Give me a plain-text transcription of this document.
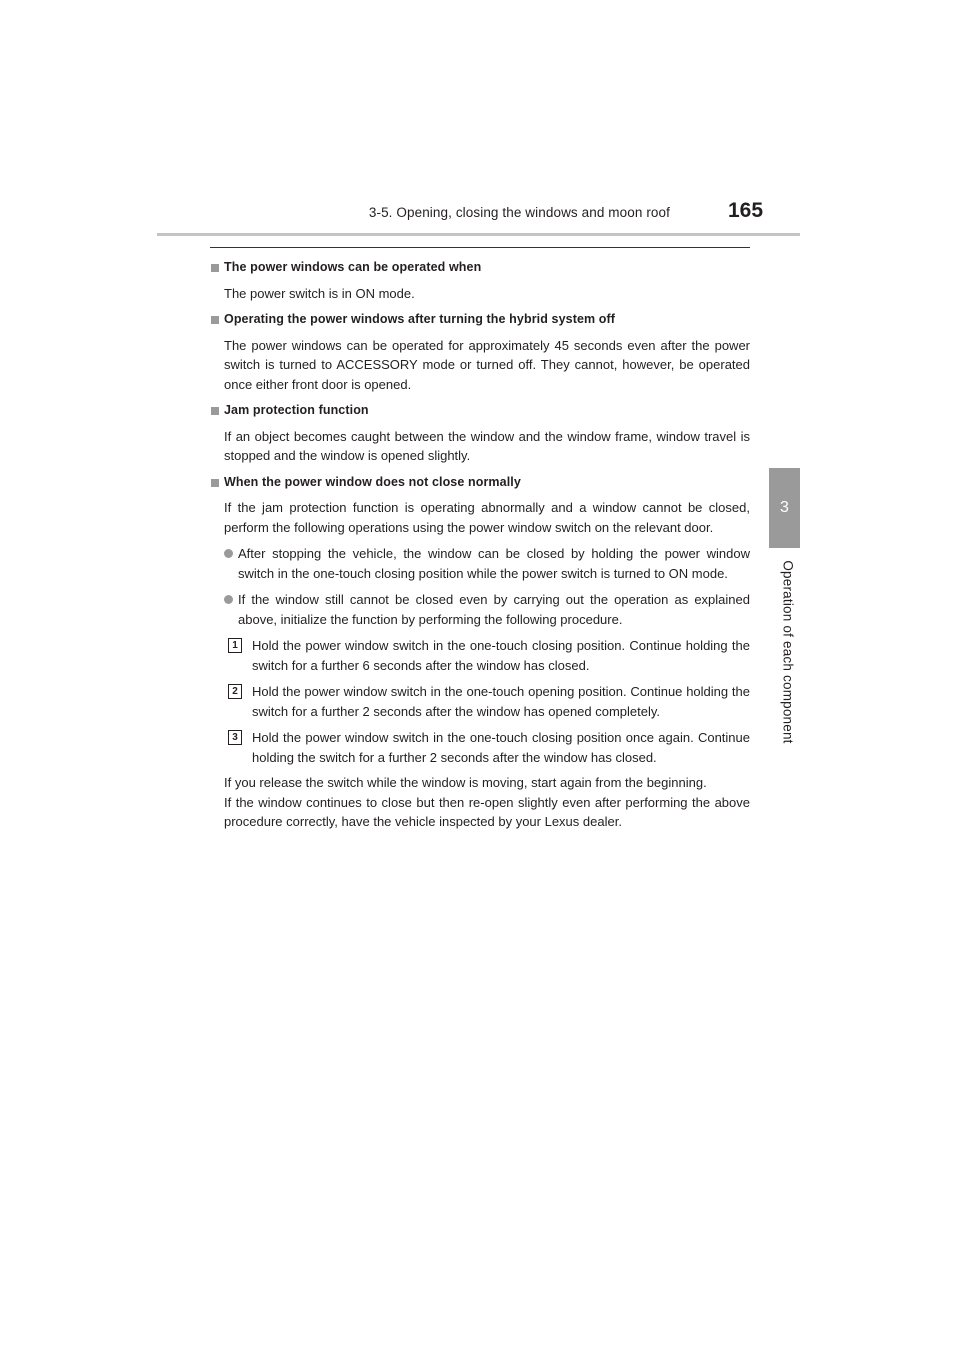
3-5. Opening, closing the windows and moon roof	165
3
Operation of each component
The power windows can be operated when
The power switch is in ON mode.
Operating the power windows after turning the hybrid system off
The power windows can be operated for approximately 45 seconds even after the power switch is turned to ACCESSORY mode or turned off. They cannot, however, be operated once either front door is opened.
Jam protection function
If an object becomes caught between the window and the window frame, window travel is stopped and the window is opened slightly.
When the power window does not close normally
If the jam protection function is operating abnormally and a window cannot be closed, perform the following operations using the power window switch on the relevant door.
After stopping the vehicle, the window can be closed by holding the power window switch in the one-touch closing position while the power switch is turned to ON mode.
If the window still cannot be closed even by carrying out the operation as explained above, initialize the function by performing the following procedure.
1	Hold the power window switch in the one-touch closing position. Continue holding the switch for a further 6 seconds after the window has closed.
2	Hold the power window switch in the one-touch opening position. Continue holding the switch for a further 2 seconds after the window has opened completely.
3	Hold the power window switch in the one-touch closing position once again. Continue holding the switch for a further 2 seconds after the window has closed.
If you release the switch while the window is moving, start again from the beginning.
If the window continues to close but then re-open slightly even after performing the above procedure correctly, have the vehicle inspected by your Lexus dealer.
